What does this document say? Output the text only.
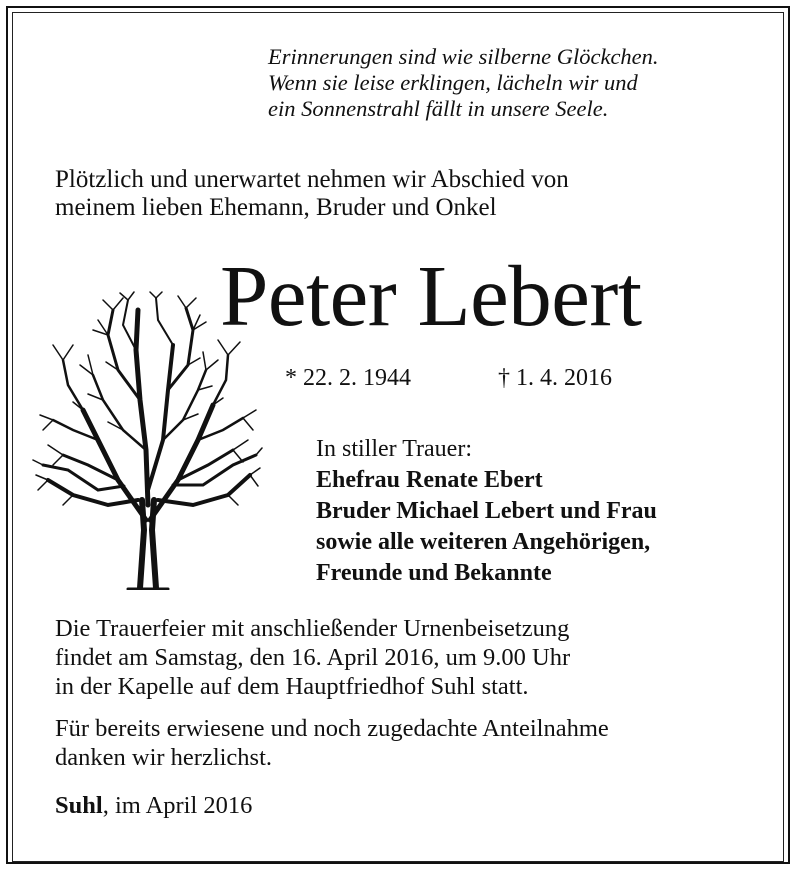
Erinnerungen sind wie silberne Glöckchen.
Wenn sie leise erklingen, lächeln wir und
ein Sonnenstrahl fällt in unsere Seele.
Plötzlich und unerwartet nehmen wir Abschied von
meinem lieben Ehemann, Bruder und Onkel
Peter Lebert
* 22. 2. 1944	† 1. 4. 2016
In stiller Trauer:
Ehefrau Renate Ebert
Bruder Michael Lebert und Frau
sowie alle weiteren Angehörigen,
Freunde und Bekannte
Die Trauerfeier mit anschließender Urnenbeisetzung
findet am Samstag, den 16. April 2016, um 9.00 Uhr
in der Kapelle auf dem Hauptfriedhof Suhl statt.
Für bereits erwiesene und noch zugedachte Anteilnahme
danken wir herzlichst.
Suhl, im April 2016
